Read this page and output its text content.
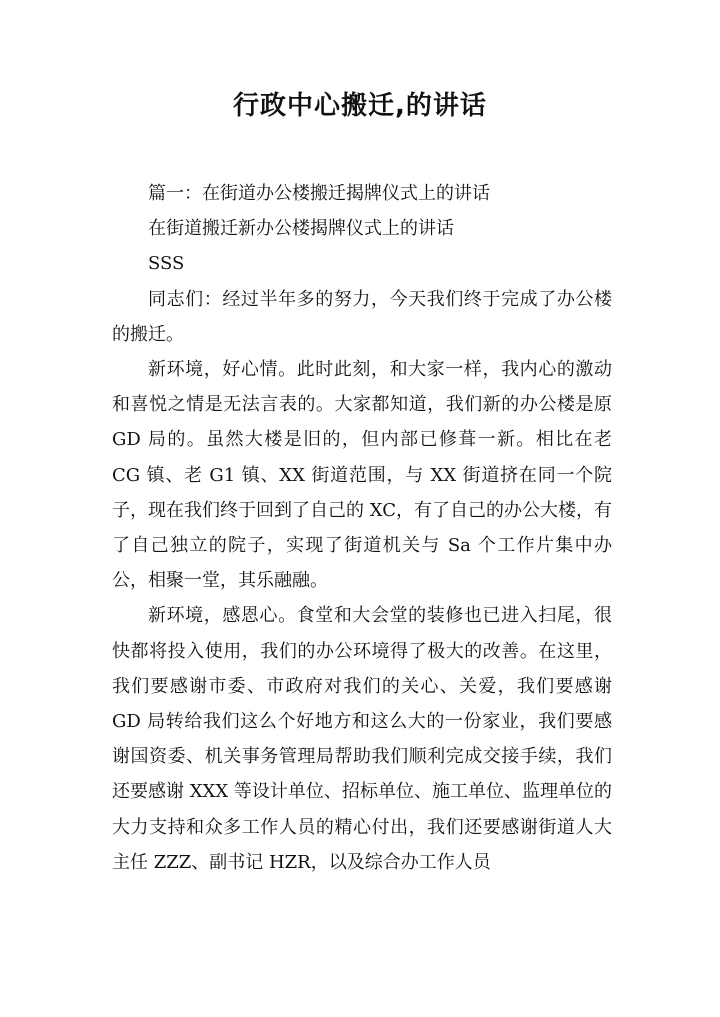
行政中心搬迁,的讲话

篇一：在街道办公楼搬迁揭牌仪式上的讲话

在街道搬迁新办公楼揭牌仪式上的讲话

SSS

同志们：经过半年多的努力，今天我们终于完成了办公楼的搬迁。

新环境，好心情。此时此刻，和大家一样，我内心的激动和喜悦之情是无法言表的。大家都知道，我们新的办公楼是原 GD 局的。虽然大楼是旧的，但内部已修葺一新。相比在老 CG 镇、老 G1 镇、XX 街道范围，与 XX 街道挤在同一个院子，现在我们终于回到了自己的 XC，有了自己的办公大楼，有了自己独立的院子，实现了街道机关与 Sa 个工作片集中办公，相聚一堂，其乐融融。

新环境，感恩心。食堂和大会堂的装修也已进入扫尾，很快都将投入使用，我们的办公环境得了极大的改善。在这里，我们要感谢市委、市政府对我们的关心、关爱，我们要感谢 GD 局转给我们这么个好地方和这么大的一份家业，我们要感谢国资委、机关事务管理局帮助我们顺利完成交接手续，我们还要感谢 XXX 等设计单位、招标单位、施工单位、监理单位的大力支持和众多工作人员的精心付出，我们还要感谢街道人大主任 ZZZ、副书记 HZR，以及综合办工作人员
